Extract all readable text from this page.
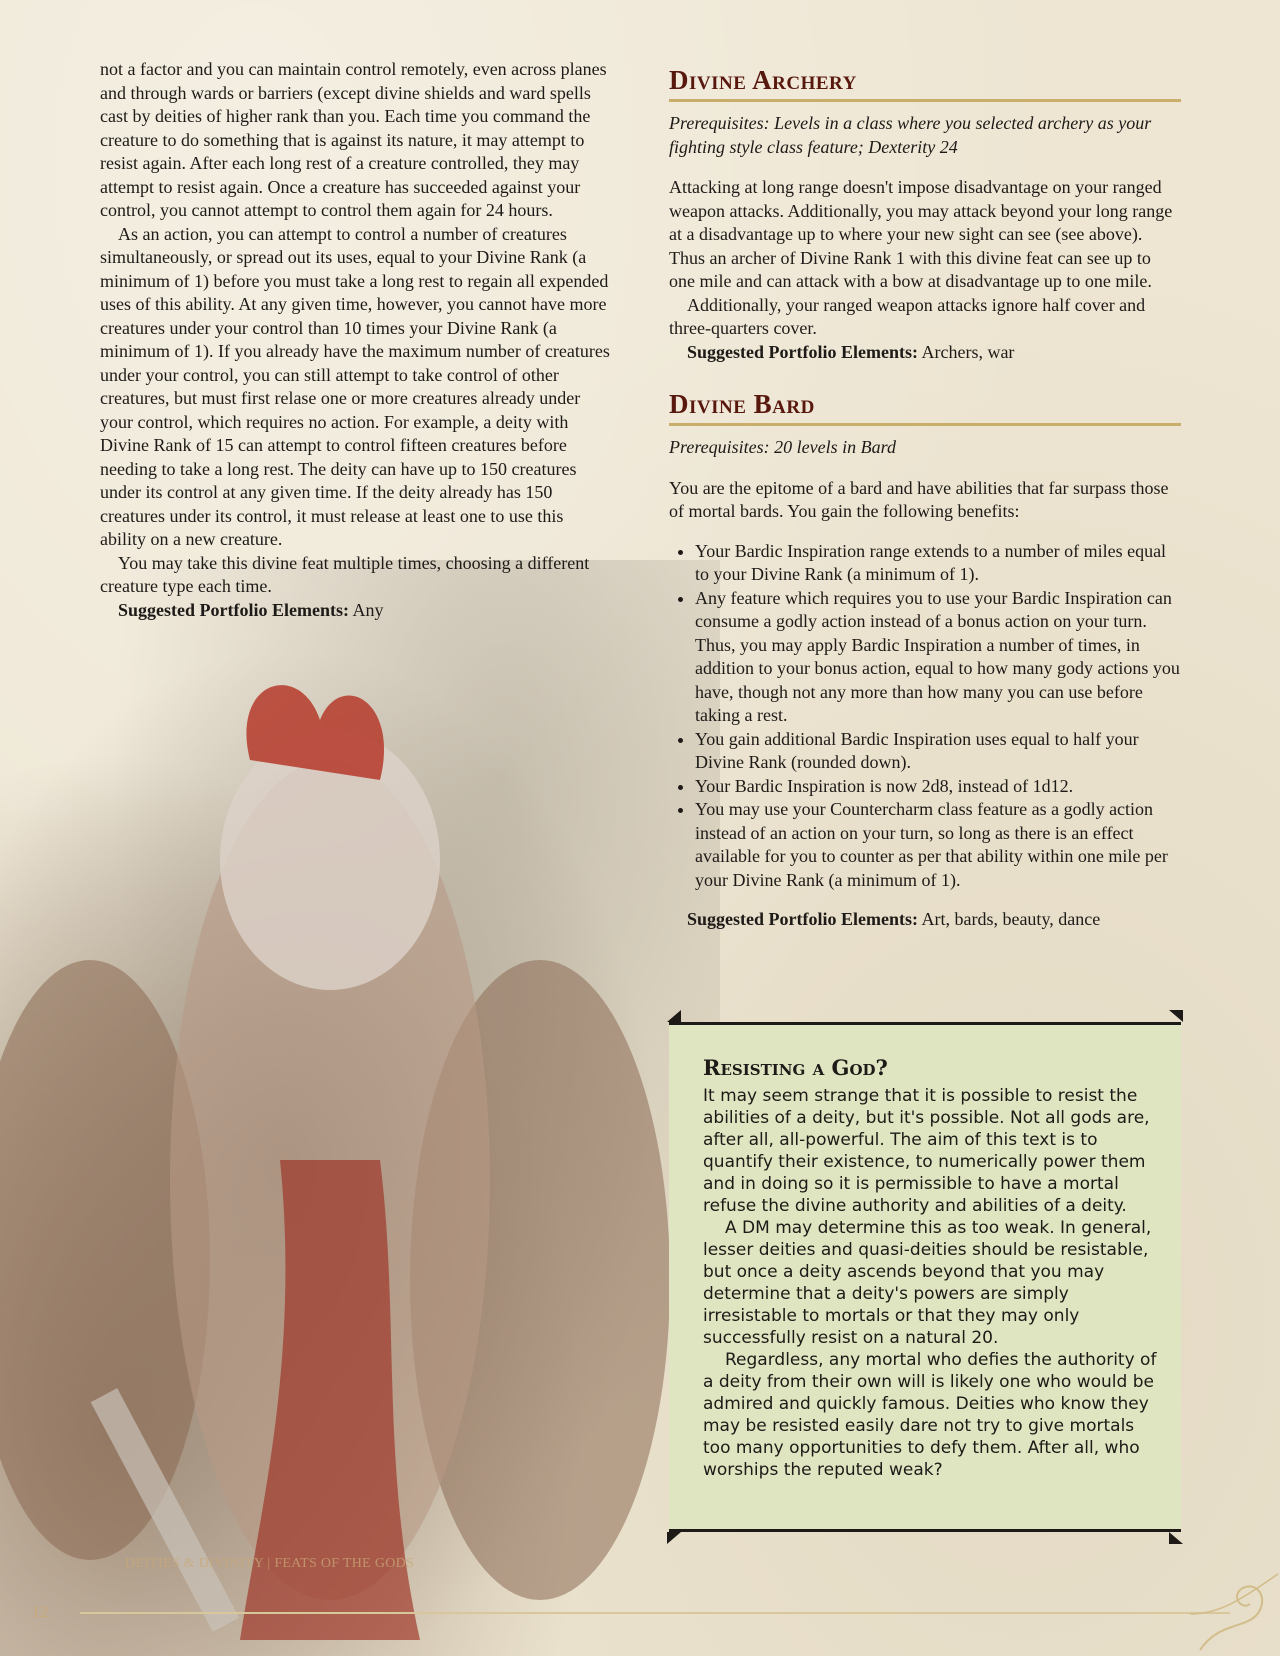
not a factor and you can maintain control remotely, even across planes and through wards or barriers (except divine shields and ward spells cast by deities of higher rank than you. Each time you command the creature to do something that is against its nature, it may attempt to resist again. After each long rest of a creature controlled, they may attempt to resist again. Once a creature has succeeded against your control, you cannot attempt to control them again for 24 hours.

As an action, you can attempt to control a number of creatures simultaneously, or spread out its uses, equal to your Divine Rank (a minimum of 1) before you must take a long rest to regain all expended uses of this ability. At any given time, however, you cannot have more creatures under your control than 10 times your Divine Rank (a minimum of 1). If you already have the maximum number of creatures under your control, you can still attempt to take control of other creatures, but must first relase one or more creatures already under your control, which requires no action. For example, a deity with Divine Rank of 15 can attempt to control fifteen creatures before needing to take a long rest. The deity can have up to 150 creatures under its control at any given time. If the deity already has 150 creatures under its control, it must release at least one to use this ability on a new creature.

You may take this divine feat multiple times, choosing a different creature type each time.

Suggested Portfolio Elements: Any

Divine Archery

Prerequisites: Levels in a class where you selected archery as your fighting style class feature; Dexterity 24

Attacking at long range doesn't impose disadvantage on your ranged weapon attacks. Additionally, you may attack beyond your long range at a disadvantage up to where your new sight can see (see above). Thus an archer of Divine Rank 1 with this divine feat can see up to one mile and can attack with a bow at disadvantage up to one mile.

Additionally, your ranged weapon attacks ignore half cover and three-quarters cover.

Suggested Portfolio Elements: Archers, war

Divine Bard

Prerequisites: 20 levels in Bard

You are the epitome of a bard and have abilities that far surpass those of mortal bards. You gain the following benefits:

• Your Bardic Inspiration range extends to a number of miles equal to your Divine Rank (a minimum of 1).
• Any feature which requires you to use your Bardic Inspiration can consume a godly action instead of a bonus action on your turn. Thus, you may apply Bardic Inspiration a number of times, in addition to your bonus action, equal to how many gody actions you have, though not any more than how many you can use before taking a rest.
• You gain additional Bardic Inspiration uses equal to half your Divine Rank (rounded down).
• Your Bardic Inspiration is now 2d8, instead of 1d12.
• You may use your Countercharm class feature as a godly action instead of an action on your turn, so long as there is an effect available for you to counter as per that ability within one mile per your Divine Rank (a minimum of 1).

Suggested Portfolio Elements: Art, bards, beauty, dance

Resisting a God?

It may seem strange that it is possible to resist the abilities of a deity, but it's possible. Not all gods are, after all, all-powerful. The aim of this text is to quantify their existence, to numerically power them and in doing so it is permissible to have a mortal refuse the divine authority and abilities of a deity.

A DM may determine this as too weak. In general, lesser deities and quasi-deities should be resistable, but once a deity ascends beyond that you may determine that a deity's powers are simply irresistable to mortals or that they may only successfully resist on a natural 20.

Regardless, any mortal who defies the authority of a deity from their own will is likely one who would be admired and quickly famous. Deities who know they may be resisted easily dare not try to give mortals too many opportunities to defy them. After all, who worships the reputed weak?

DEITIES & DIVINITY | FEATS OF THE GODS
12
